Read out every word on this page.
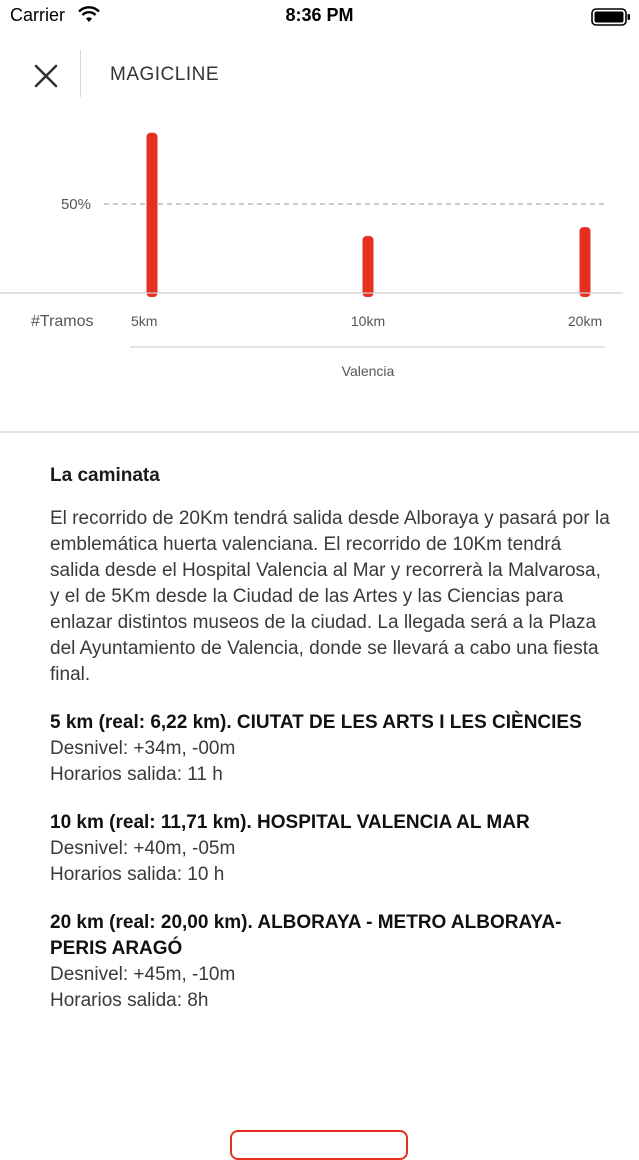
Carrier	8:36 PM
MAGICLINE
50%
#Tramos	5km	10km	20km
Valencia
La caminata

El recorrido de 20Km tendrá salida desde Alboraya y pasará por la emblemática huerta valenciana. El recorrido de 10Km tendrá salida desde el Hospital Valencia al Mar y recorrerà la Malvarosa, y el de 5Km desde la Ciudad de las Artes y las Ciencias para enlazar distintos museos de la ciudad. La llegada será a la Plaza del Ayuntamiento de Valencia, donde se llevará a cabo una fiesta final.

5 km (real: 6,22 km). CIUTAT DE LES ARTS I LES CIÈNCIES
Desnivel: +34m, -00m
Horarios salida: 11 h
10 km (real: 11,71 km). HOSPITAL VALENCIA AL MAR
Desnivel: +40m, -05m
Horarios salida: 10 h
20 km (real: 20,00 km). ALBORAYA - METRO ALBORAYA-PERIS ARAGÓ
Desnivel: +45m, -10m
Horarios salida: 8h
